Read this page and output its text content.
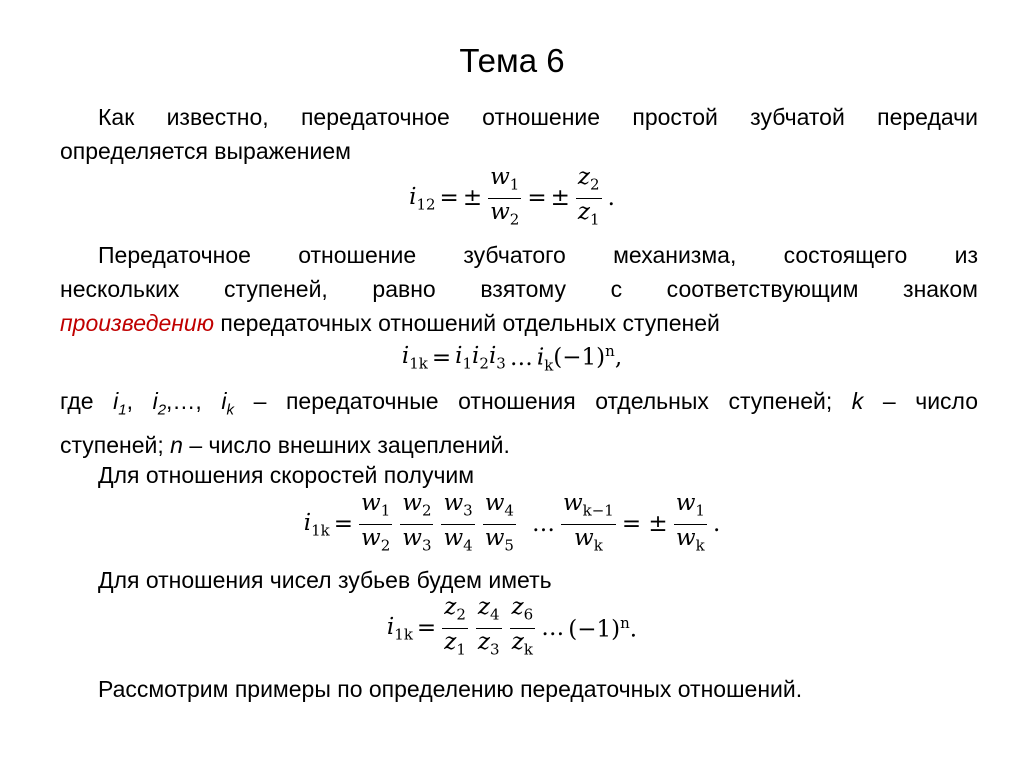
Тема 6
Как известно, передаточное отношение простой зубчатой передачи
определяется выражением
$i_{12}$ = ± $\frac{w_1}{w_2}$ = ± $\frac{z_2}{z_1}$ .
Передаточное отношение зубчатого механизма, состоящего из
нескольких ступеней, равно взятому с соответствующим знаком
произведению передаточных отношений отдельных ступеней
$i_{1k} = i_1i_2i_3$ … $i_k(-1)^n$,
где $i_1$, $i_2,\dots$, $i_k$ – передаточные отношения отдельных ступеней; k – число
ступеней; n – число внешних зацеплений.
Для отношения скоростей получим
$i_{1k} = \frac{w_1}{w_2} \frac{w_2}{w_3} \frac{w_3}{w_4} \frac{w_4}{w_5}$ … $\frac{w_{k-1}}{w_k}$ = ± $\frac{w_1}{w_k}$ .
Для отношения чисел зубьев будем иметь
$i_{1k} = \frac{z_2}{z_1} \frac{z_4}{z_3} \frac{z_6}{z_k}$ … $(-1)^n$.
Рассмотрим примеры по определению передаточных отношений.
